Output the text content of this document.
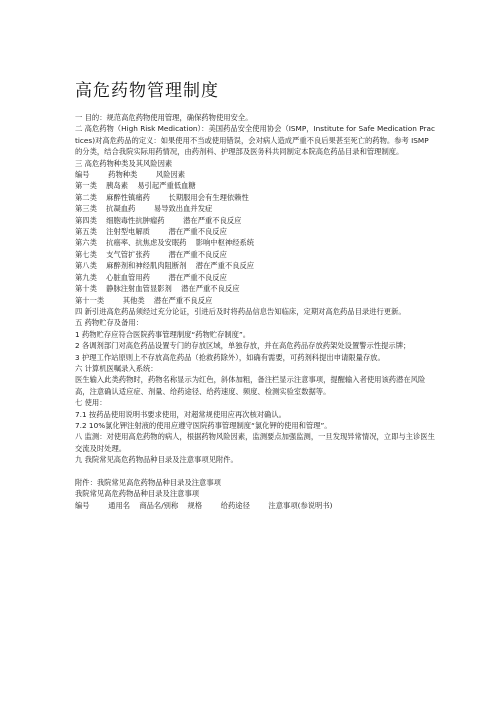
高危药物管理制度

一 目的：规范高危药物使用管理，确保药物使用安全。

二 高危药物（High Risk Medication）：美国药品安全使用协会（ISMP，Institute for Safe Medication Practices)对高危药品的定义：如果使用不当或使用错误，会对病人造成严重不良后果甚至死亡的药物。参考 ISMP 的分类，结合我院实际用药情况，由药剂科、护理部及医务科共同制定本院高危药品目录和管理制度。

三 高危药物种类及其风险因素

编号        药物种类        风险因素

第一类    胰岛素    易引起严重低血糖

第二类    麻醉性镇痛药        长期服用会有生理依赖性

第三类    抗凝血药        易导致出血并发症

第四类    细胞毒性抗肿瘤药        潜在严重不良反应

第五类    注射型电解质        潜在严重不良反应

第六类    抗癌率、抗焦虑及安眠药    影响中枢神经系统

第七类    支气管扩张药        潜在严重不良反应

第八类    麻醉剂和神经肌肉阻断剂    潜在严重不良反应

第九类    心脏血管用药        潜在严重不良反应

第十类    静脉注射血管显影剂    潜在严重不良反应

第十一类        其他类    潜在严重不良反应

四 新引进高危药品须经过充分论证，引进后及时将药品信息告知临床，定期对高危药品目录进行更新。

五 药物贮存及备用：

1 药物贮存应符合医院药事管理制度“药物贮存制度”。

2 各调剂部门对高危药品设置专门的存放区域，单独存放，并在高危药品存放药架处设置警示性提示牌；

3 护理工作站原则上不存放高危药品（抢救药除外），如确有需要，可药剂科提出申请限量存放。

六 计算机医嘱录入系统：

医生输入此类药物时，药物名称显示为红色，斜体加粗，备注栏显示注意事项，提醒输入者使用该药潜在风险高，注意确认适应症、剂量、给药途径、给药速度、频度、检测实验室数据等。

七 使用：

7.1 按药品使用说明书要求使用，对超常规使用应再次核对确认。

7.2 10%氯化钾注射液的使用应遵守医院药事管理制度“氯化钾的使用和管理”。

八 监测：对使用高危药物的病人，根据药物风险因素，监测要点加强监测，一旦发现异常情况，立即与主诊医生交流及时处理。

九 我院常见高危药物品种目录及注意事项见附件。

附件：我院常见高危药物品种目录及注意事项

我院常见高危药物品种目录及注意事项

编号        通用名    商品名/别称    规格        给药途径        注意事项(参说明书)
